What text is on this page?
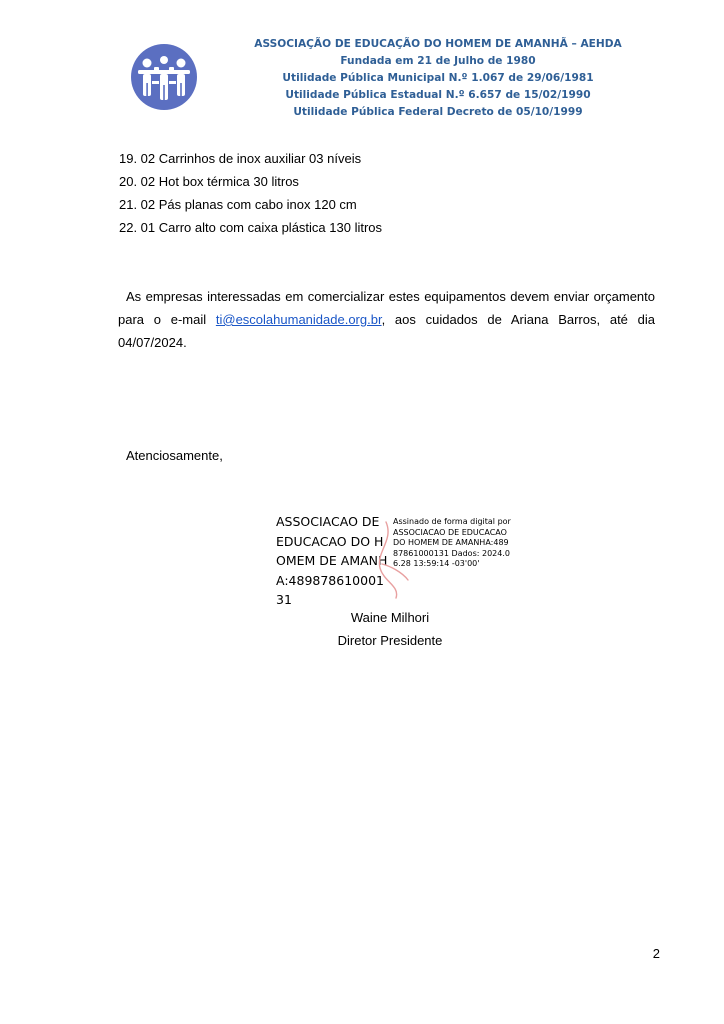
ASSOCIAÇÃO DE EDUCAÇÃO DO HOMEM DE AMANHÃ – AEHDA
Fundada em 21 de Julho de 1980
Utilidade Pública Municipal N.º 1.067 de 29/06/1981
Utilidade Pública Estadual N.º 6.657 de 15/02/1990
Utilidade Pública Federal Decreto de 05/10/1999
19. 02 Carrinhos de inox auxiliar 03 níveis
20. 02 Hot box térmica 30 litros
21. 02 Pás planas com cabo inox 120 cm
22. 01 Carro alto com caixa plástica 130 litros

As empresas interessadas em comercializar estes equipamentos devem enviar orçamento para o e-mail ti@escolahumanidade.org.br, aos cuidados de Ariana Barros, até dia 04/07/2024.

Atenciosamente,
ASSOCIACAO DE EDUCACAO DO HOMEM DE AMANHA:48987861000131
Assinado de forma digital por ASSOCIACAO DE EDUCACAO DO HOMEM DE AMANHA:48987861000131 Dados: 2024.06.28 13:59:14 -03'00'
Waine Milhori
Diretor Presidente
2
